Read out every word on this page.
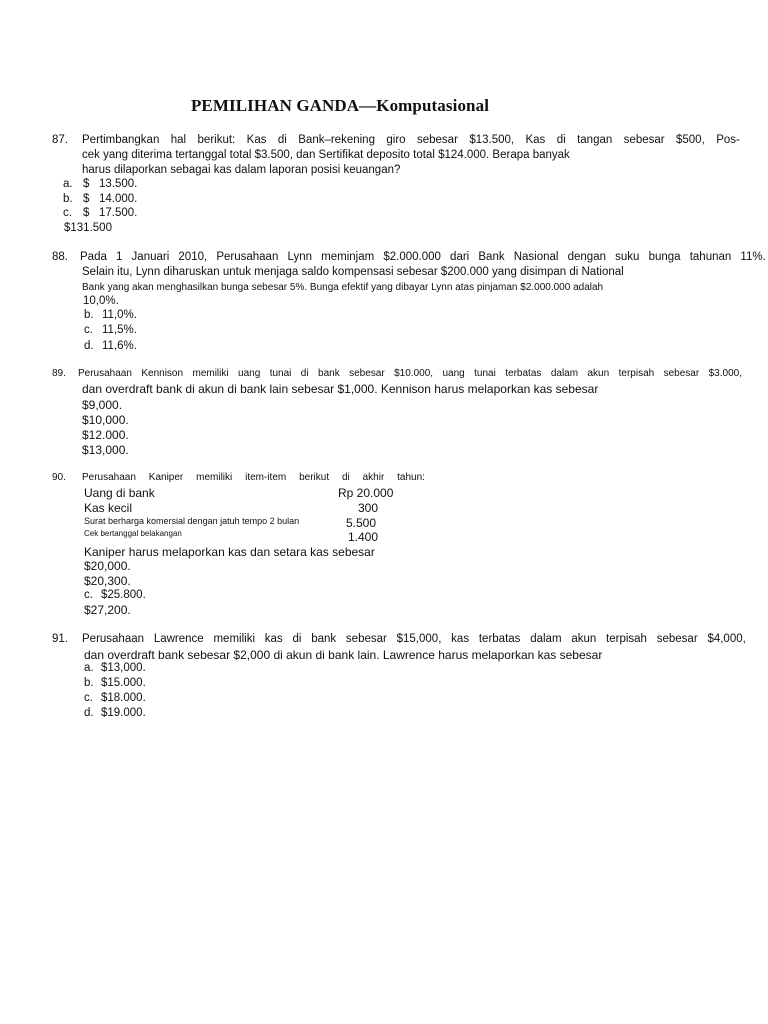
PEMILIHAN GANDA—Komputasional
87. Pertimbangkan hal berikut: Kas di Bank–rekening giro sebesar $13.500, Kas di tangan sebesar $500, Pos-
cek yang diterima tertanggal total $3.500, dan Sertifikat deposito total $124.000. Berapa banyak
harus dilaporkan sebagai kas dalam laporan posisi keuangan?
a. $   13.500.
b. $   14.000.
c. $   17.500.
$131.500
88. Pada 1 Januari 2010, Perusahaan Lynn meminjam $2.000.000 dari Bank Nasional dengan suku bunga tahunan 11%.
Selain itu, Lynn diharuskan untuk menjaga saldo kompensasi sebesar $200.000 yang disimpan di National
Bank yang akan menghasilkan bunga sebesar 5%. Bunga efektif yang dibayar Lynn atas pinjaman $2.000.000 adalah
10,0%.
b. 11,0%.
c. 11,5%.
d. 11,6%.
89. Perusahaan Kennison memiliki uang tunai di bank sebesar $10.000, uang tunai terbatas dalam akun terpisah sebesar $3.000,
dan overdraft bank di akun di bank lain sebesar $1,000. Kennison harus melaporkan kas sebesar
$9,000.
$10,000.
$12.000.
$13,000.
90. Perusahaan Kaniper memiliki item-item berikut di akhir tahun:
Uang di bank	Rp 20.000
Kas kecil	300
Surat berharga komersial dengan jatuh tempo 2 bulan	5.500
Cek bertanggal belakangan	1.400
Kaniper harus melaporkan kas dan setara kas sebesar
$20,000.
$20,300.
c. $25.800.
$27,200.
91. Perusahaan Lawrence memiliki kas di bank sebesar $15,000, kas terbatas dalam akun terpisah sebesar $4,000,
dan overdraft bank sebesar $2,000 di akun di bank lain. Lawrence harus melaporkan kas sebesar
a. $13,000.
b. $15.000.
c. $18.000.
d. $19.000.
